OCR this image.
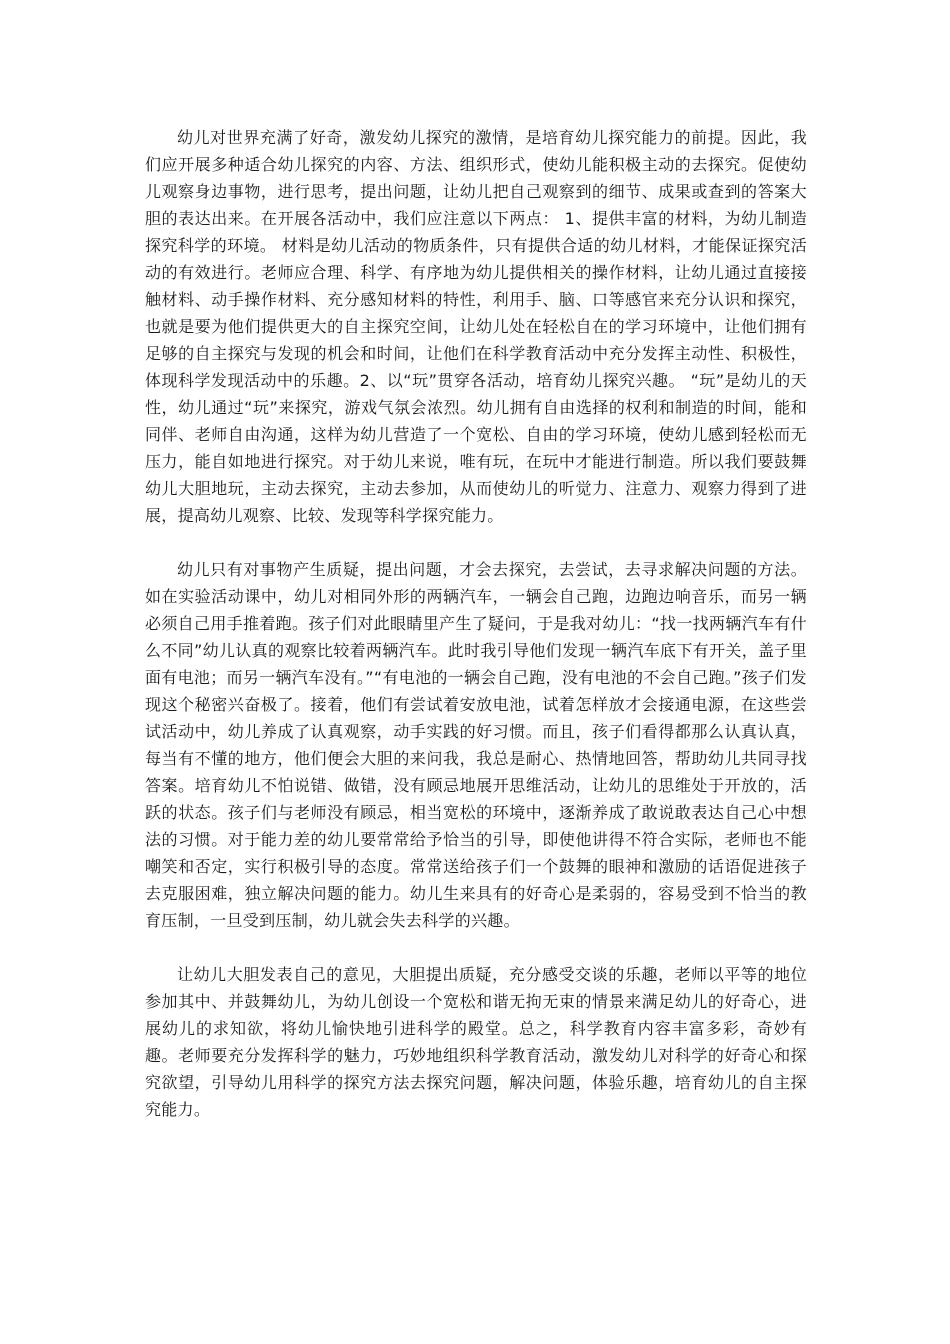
幼儿对世界充满了好奇，激发幼儿探究的激情，是培育幼儿探究能力的前提。因此，我们应开展多种适合幼儿探究的内容、方法、组织形式，使幼儿能积极主动的去探究。促使幼儿观察身边事物，进行思考，提出问题，让幼儿把自己观察到的细节、成果或查到的答案大胆的表达出来。在开展各活动中，我们应注意以下两点： 1、提供丰富的材料，为幼儿制造探究科学的环境。 材料是幼儿活动的物质条件，只有提供合适的幼儿材料，才能保证探究活动的有效进行。老师应合理、科学、有序地为幼儿提供相关的操作材料，让幼儿通过直接接触材料、动手操作材料、充分感知材料的特性，利用手、脑、口等感官来充分认识和探究，也就是要为他们提供更大的自主探究空间，让幼儿处在轻松自在的学习环境中，让他们拥有足够的自主探究与发现的机会和时间，让他们在科学教育活动中充分发挥主动性、积极性，体现科学发现活动中的乐趣。2、以“玩”贯穿各活动，培育幼儿探究兴趣。 “玩”是幼儿的天性，幼儿通过“玩”来探究，游戏气氛会浓烈。幼儿拥有自由选择的权利和制造的时间，能和同伴、老师自由沟通，这样为幼儿营造了一个宽松、自由的学习环境，使幼儿感到轻松而无压力，能自如地进行探究。对于幼儿来说，唯有玩，在玩中才能进行制造。所以我们要鼓舞幼儿大胆地玩，主动去探究，主动去参加，从而使幼儿的听觉力、注意力、观察力得到了进展，提高幼儿观察、比较、发现等科学探究能力。

幼儿只有对事物产生质疑，提出问题，才会去探究，去尝试，去寻求解决问题的方法。如在实验活动课中，幼儿对相同外形的两辆汽车，一辆会自己跑，边跑边响音乐，而另一辆必须自己用手推着跑。孩子们对此眼睛里产生了疑问，于是我对幼儿：“找一找两辆汽车有什么不同”幼儿认真的观察比较着两辆汽车。此时我引导他们发现一辆汽车底下有开关，盖子里面有电池；而另一辆汽车没有。”“有电池的一辆会自己跑，没有电池的不会自己跑。”孩子们发现这个秘密兴奋极了。接着，他们有尝试着安放电池，试着怎样放才会接通电源，在这些尝试活动中，幼儿养成了认真观察，动手实践的好习惯。而且，孩子们看得都那么认真认真，每当有不懂的地方，他们便会大胆的来问我，我总是耐心、热情地回答，帮助幼儿共同寻找答案。培育幼儿不怕说错、做错，没有顾忌地展开思维活动，让幼儿的思维处于开放的，活跃的状态。孩子们与老师没有顾忌，相当宽松的环境中，逐渐养成了敢说敢表达自己心中想法的习惯。对于能力差的幼儿要常常给予恰当的引导，即使他讲得不符合实际，老师也不能嘲笑和否定，实行积极引导的态度。常常送给孩子们一个鼓舞的眼神和激励的话语促进孩子去克服困难，独立解决问题的能力。幼儿生来具有的好奇心是柔弱的，容易受到不恰当的教育压制，一旦受到压制，幼儿就会失去科学的兴趣。

让幼儿大胆发表自己的意见，大胆提出质疑，充分感受交谈的乐趣，老师以平等的地位参加其中、并鼓舞幼儿，为幼儿创设一个宽松和谐无拘无束的情景来满足幼儿的好奇心，进展幼儿的求知欲，将幼儿愉快地引进科学的殿堂。总之，科学教育内容丰富多彩，奇妙有趣。老师要充分发挥科学的魅力，巧妙地组织科学教育活动，激发幼儿对科学的好奇心和探究欲望，引导幼儿用科学的探究方法去探究问题，解决问题，体验乐趣，培育幼儿的自主探究能力。
